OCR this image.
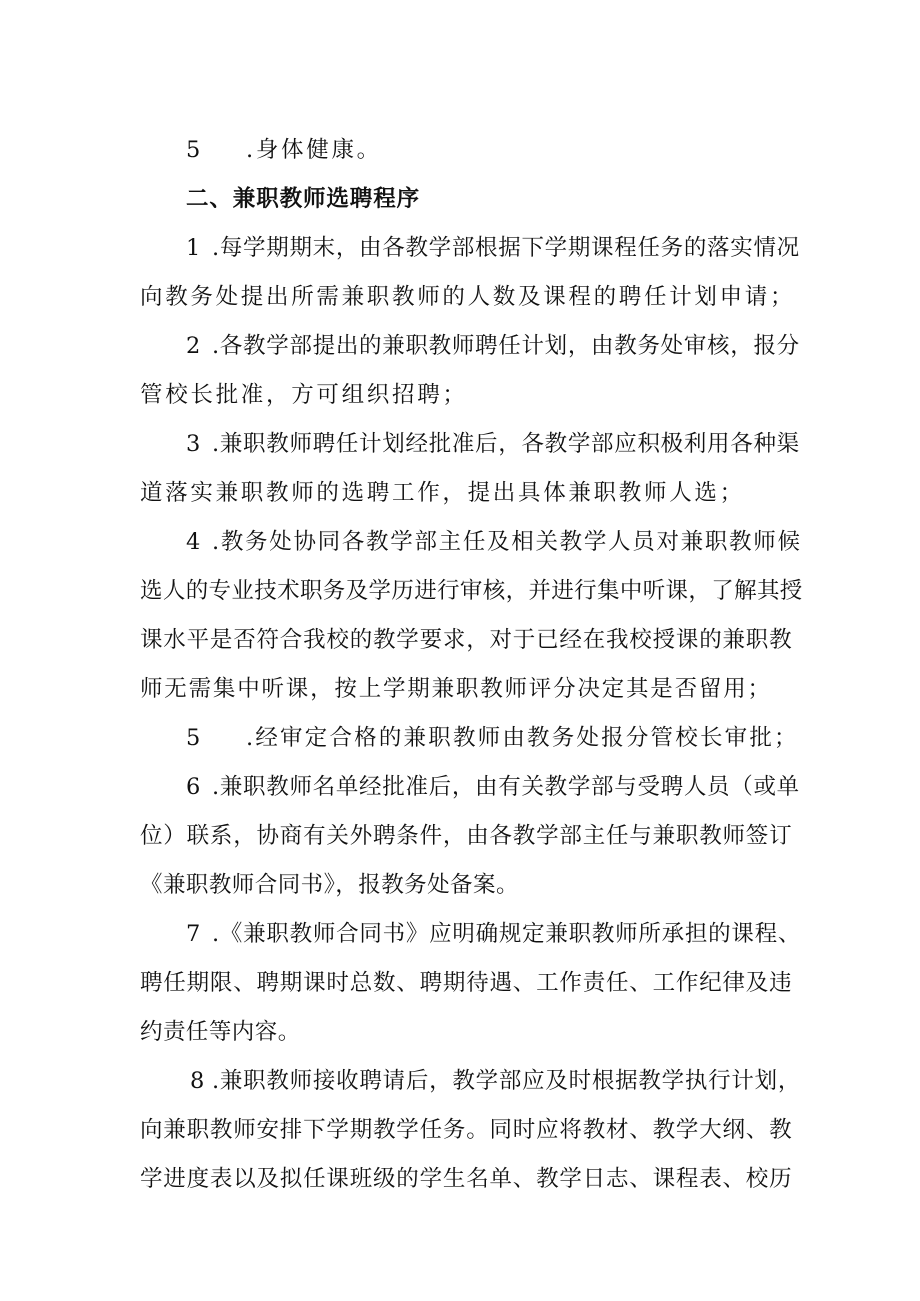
5 .身体健康。
二、兼职教师选聘程序
1 .每学期期末，由各教学部根据下学期课程任务的落实情况
向教务处提出所需兼职教师的人数及课程的聘任计划申请；
2 .各教学部提出的兼职教师聘任计划，由教务处审核，报分
管校长批准，方可组织招聘；
3 .兼职教师聘任计划经批准后，各教学部应积极利用各种渠
道落实兼职教师的选聘工作，提出具体兼职教师人选；
4 .教务处协同各教学部主任及相关教学人员对兼职教师候
选人的专业技术职务及学历进行审核，并进行集中听课，了解其授
课水平是否符合我校的教学要求，对于已经在我校授课的兼职教
师无需集中听课，按上学期兼职教师评分决定其是否留用；
5 .经审定合格的兼职教师由教务处报分管校长审批；
6 .兼职教师名单经批准后，由有关教学部与受聘人员（或单
位）联系，协商有关外聘条件，由各教学部主任与兼职教师签订
《兼职教师合同书》，报教务处备案。
7 .《兼职教师合同书》应明确规定兼职教师所承担的课程、
聘任期限、聘期课时总数、聘期待遇、工作责任、工作纪律及违
约责任等内容。
8 .兼职教师接收聘请后，教学部应及时根据教学执行计划，
向兼职教师安排下学期教学任务。同时应将教材、教学大纲、教
学进度表以及拟任课班级的学生名单、教学日志、课程表、校历
